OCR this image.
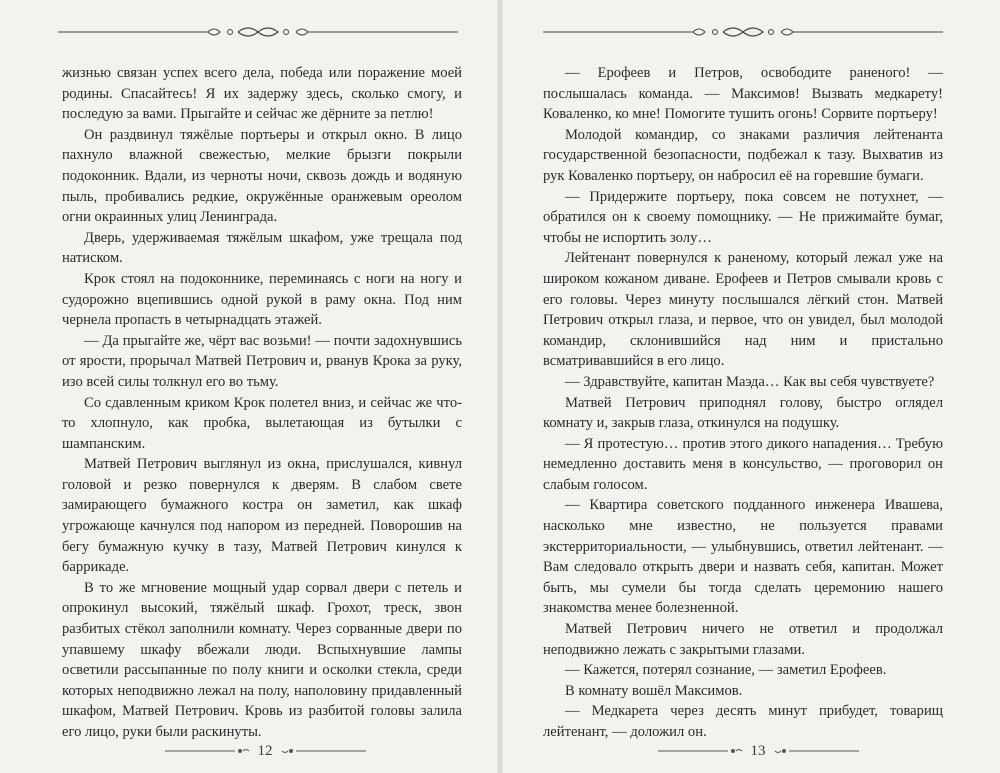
жизнью связан успех всего дела, победа или поражение моей родины. Спасайтесь! Я их задержу здесь, сколько смогу, и последую за вами. Прыгайте и сейчас же дёрните за петлю!

Он раздвинул тяжёлые портьеры и открыл окно. В лицо пахнуло влажной свежестью, мелкие брызги покрыли подоконник. Вдали, из черноты ночи, сквозь дождь и водяную пыль, пробивались редкие, окружённые оранжевым ореолом огни окраинных улиц Ленинграда.

Дверь, удерживаемая тяжёлым шкафом, уже трещала под натиском.

Крок стоял на подоконнике, переминаясь с ноги на ногу и судорожно вцепившись одной рукой в раму окна. Под ним чернела пропасть в четырнадцать этажей.

— Да прыгайте же, чёрт вас возьми! — почти задохнувшись от ярости, прорычал Матвей Петрович и, рванув Крока за руку, изо всей силы толкнул его во тьму.

Со сдавленным криком Крок полетел вниз, и сейчас же что-то хлопнуло, как пробка, вылетающая из бутылки с шампанским.

Матвей Петрович выглянул из окна, прислушался, кивнул головой и резко повернулся к дверям. В слабом свете замирающего бумажного костра он заметил, как шкаф угрожающе качнулся под напором из передней. Поворошив на бегу бумажную кучку в тазу, Матвей Петрович кинулся к баррикаде.

В то же мгновение мощный удар сорвал двери с петель и опрокинул высокий, тяжёлый шкаф. Грохот, треск, звон разбитых стёкол заполнили комнату. Через сорванные двери по упавшему шкафу вбежали люди. Вспыхнувшие лампы осветили рассыпанные по полу книги и осколки стекла, среди которых неподвижно лежал на полу, наполовину придавленный шкафом, Матвей Петрович. Кровь из разбитой головы залила его лицо, руки были раскинуты.

12

— Ерофеев и Петров, освободите раненого! — послышалась команда. — Максимов! Вызвать медкарету! Коваленко, ко мне! Помогите тушить огонь! Сорвите портьеру!

Молодой командир, со знаками различия лейтенанта государственной безопасности, подбежал к тазу. Выхватив из рук Коваленко портьеру, он набросил её на горевшие бумаги.

— Придержите портьеру, пока совсем не потухнет, — обратился он к своему помощнику. — Не прижимайте бумаг, чтобы не испортить золу…

Лейтенант повернулся к раненому, который лежал уже на широком кожаном диване. Ерофеев и Петров смывали кровь с его головы. Через минуту послышался лёгкий стон. Матвей Петрович открыл глаза, и первое, что он увидел, был молодой командир, склонившийся над ним и пристально всматривавшийся в его лицо.

— Здравствуйте, капитан Маэда… Как вы себя чувствуете?

Матвей Петрович приподнял голову, быстро оглядел комнату и, закрыв глаза, откинулся на подушку.

— Я протестую… против этого дикого нападения… Требую немедленно доставить меня в консульство, — проговорил он слабым голосом.

— Квартира советского подданного инженера Ивашева, насколько мне известно, не пользуется правами экстерриториальности, — улыбнувшись, ответил лейтенант. — Вам следовало открыть двери и назвать себя, капитан. Может быть, мы сумели бы тогда сделать церемонию нашего знакомства менее болезненной.

Матвей Петрович ничего не ответил и продолжал неподвижно лежать с закрытыми глазами.

— Кажется, потерял сознание, — заметил Ерофеев.

В комнату вошёл Максимов.

— Медкарета через десять минут прибудет, товарищ лейтенант, — доложил он.

13
